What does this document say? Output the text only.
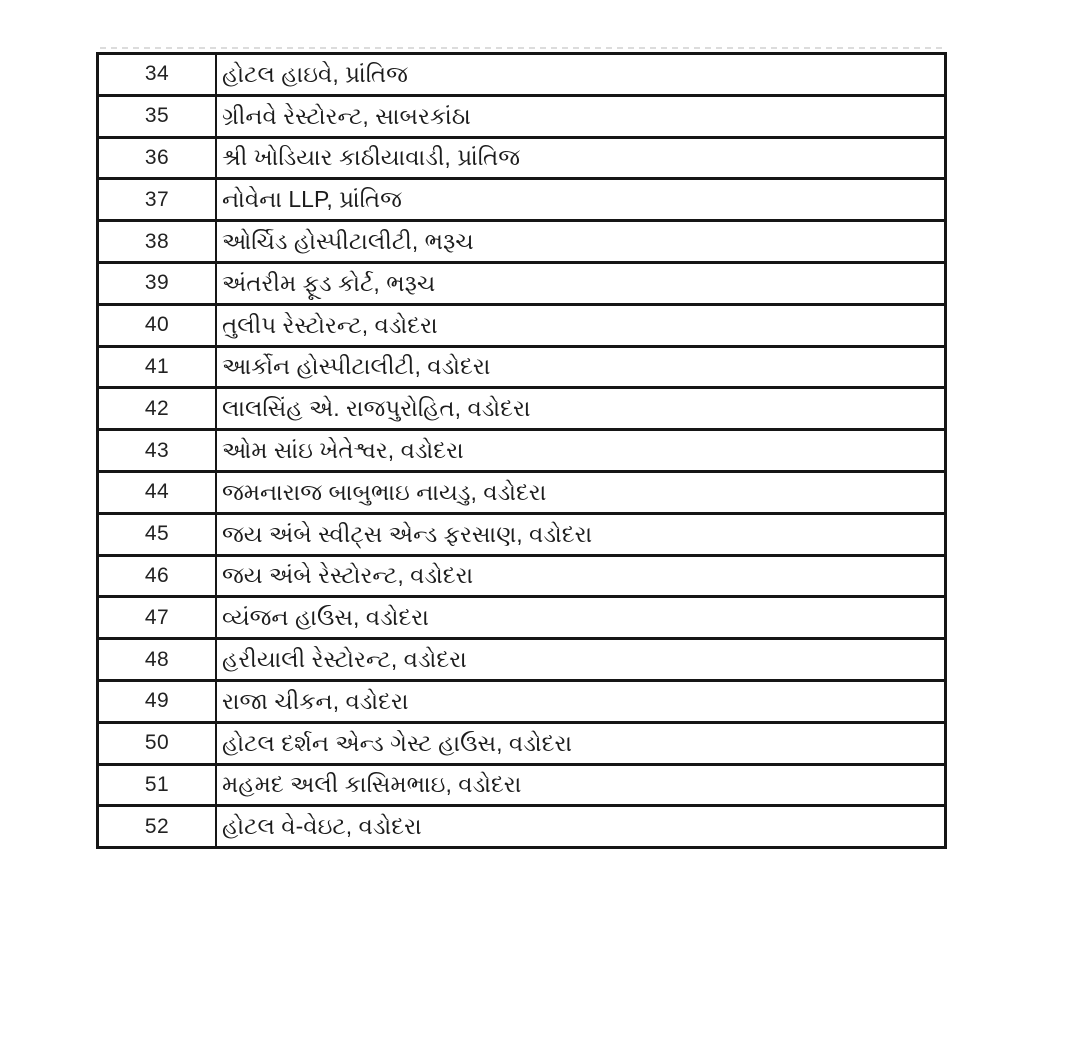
34	હોટલ હાઇવે, પ્રાંતિજ
35	ગ્રીનવે રેસ્ટોરન્ટ, સાબરકાંઠા
36	શ્રી ખોડિયાર કાઠીયાવાડી, પ્રાંતિજ
37	નોવેના LLP, પ્રાંતિજ
38	ઓર્ચિડ હોસ્પીટાલીટી, ભરૂચ
39	અંતરીમ ફૂડ કોર્ટ, ભરૂચ
40	તુલીપ રેસ્ટોરન્ટ, વડોદરા
41	આર્કોન હોસ્પીટાલીટી, વડોદરા
42	લાલસિંહ એ. રાજપુરોહિત, વડોદરા
43	ઓમ સાંઇ ખેતેશ્વર, વડોદરા
44	જમનારાજ બાબુભાઇ નાયડુ, વડોદરા
45	જય અંબે સ્વીટ્સ એન્ડ ફરસાણ, વડોદરા
46	જય અંબે રેસ્ટોરન્ટ, વડોદરા
47	વ્યંજન હાઉસ, વડોદરા
48	હરીયાલી રેસ્ટોરન્ટ, વડોદરા
49	રાજા ચીકન, વડોદરા
50	હોટલ દર્શન એન્ડ ગેસ્ટ હાઉસ, વડોદરા
51	મહમદ અલી કાસિમભાઇ, વડોદરા
52	હોટલ વે-વેઇટ, વડોદરા
